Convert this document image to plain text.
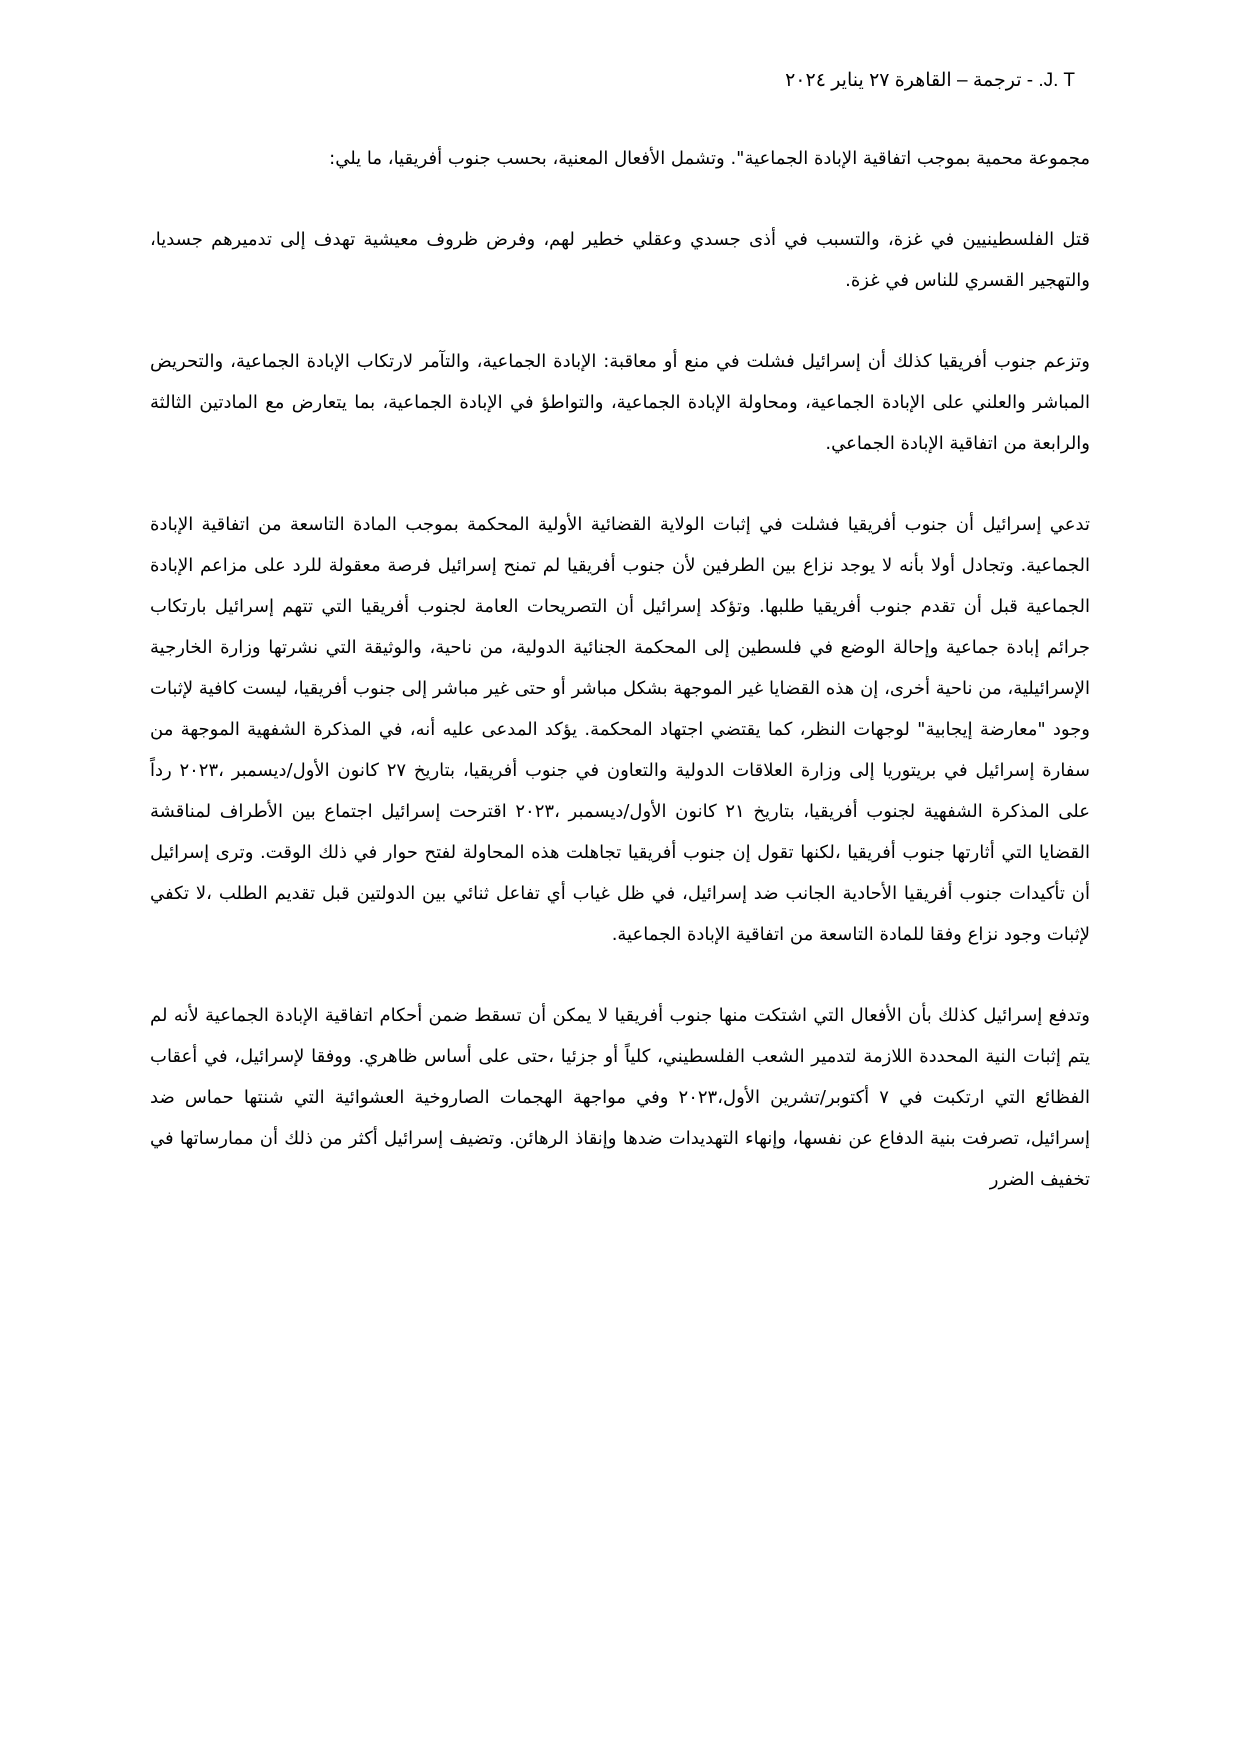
J. T. - ترجمة – القاهرة ٢٧ يناير ٢٠٢٤

مجموعة محمية بموجب اتفاقية الإبادة الجماعية". وتشمل الأفعال المعنية، بحسب جنوب أفريقيا، ما يلي:

قتل الفلسطينيين في غزة، والتسبب في أذى جسدي وعقلي خطير لهم، وفرض ظروف معيشية تهدف إلى تدميرهم جسديا، والتهجير القسري للناس في غزة.

وتزعم جنوب أفريقيا كذلك أن إسرائيل فشلت في منع أو معاقبة: الإبادة الجماعية، والتآمر لارتكاب الإبادة الجماعية، والتحريض المباشر والعلني على الإبادة الجماعية، ومحاولة الإبادة الجماعية، والتواطؤ في الإبادة الجماعية، بما يتعارض مع المادتين الثالثة والرابعة من اتفاقية الإبادة الجماعي.

تدعي إسرائيل أن جنوب أفريقيا فشلت في إثبات الولاية القضائية الأولية المحكمة بموجب المادة التاسعة من اتفاقية الإبادة الجماعية. وتجادل أولا بأنه لا يوجد نزاع بين الطرفين لأن جنوب أفريقيا لم تمنح إسرائيل فرصة معقولة للرد على مزاعم الإبادة الجماعية قبل أن تقدم جنوب أفريقيا طلبها. وتؤكد إسرائيل أن التصريحات العامة لجنوب أفريقيا التي تتهم إسرائيل بارتكاب جرائم إبادة جماعية وإحالة الوضع في فلسطين إلى المحكمة الجنائية الدولية، من ناحية، والوثيقة التي نشرتها وزارة الخارجية الإسرائيلية، من ناحية أخرى، إن هذه القضايا غير الموجهة بشكل مباشر أو حتى غير مباشر إلى جنوب أفريقيا، ليست كافية لإثبات وجود "معارضة إيجابية" لوجهات النظر، كما يقتضي اجتهاد المحكمة. يؤكد المدعى عليه أنه، في المذكرة الشفهية الموجهة من سفارة إسرائيل في بريتوريا إلى وزارة العلاقات الدولية والتعاون في جنوب أفريقيا، بتاريخ ٢٧ كانون الأول/ديسمبر ،٢٠٢٣ رداً على المذكرة الشفهية لجنوب أفريقيا، بتاريخ ٢١ كانون الأول/ديسمبر ،٢٠٢٣ اقترحت إسرائيل اجتماع بين الأطراف لمناقشة القضايا التي أثارتها جنوب أفريقيا ،لكنها تقول إن جنوب أفريقيا تجاهلت هذه المحاولة لفتح حوار في ذلك الوقت. وترى إسرائيل أن تأكيدات جنوب أفريقيا الأحادية الجانب ضد إسرائيل، في ظل غياب أي تفاعل ثنائي بين الدولتين قبل تقديم الطلب ،لا تكفي لإثبات وجود نزاع وفقا للمادة التاسعة من اتفاقية الإبادة الجماعية.

وتدفع إسرائيل كذلك بأن الأفعال التي اشتكت منها جنوب أفريقيا لا يمكن أن تسقط ضمن أحكام اتفاقية الإبادة الجماعية لأنه لم يتم إثبات النية المحددة اللازمة لتدمير الشعب الفلسطيني، كلياً أو جزئيا ،حتى على أساس ظاهري. ووفقا لإسرائيل، في أعقاب الفظائع التي ارتكبت في ٧ أكتوبر/تشرين الأول،٢٠٢٣ وفي مواجهة الهجمات الصاروخية العشوائية التي شنتها حماس ضد إسرائيل، تصرفت بنية الدفاع عن نفسها، وإنهاء التهديدات ضدها وإنقاذ الرهائن. وتضيف إسرائيل أكثر من ذلك أن ممارساتها في تخفيف الضرر
